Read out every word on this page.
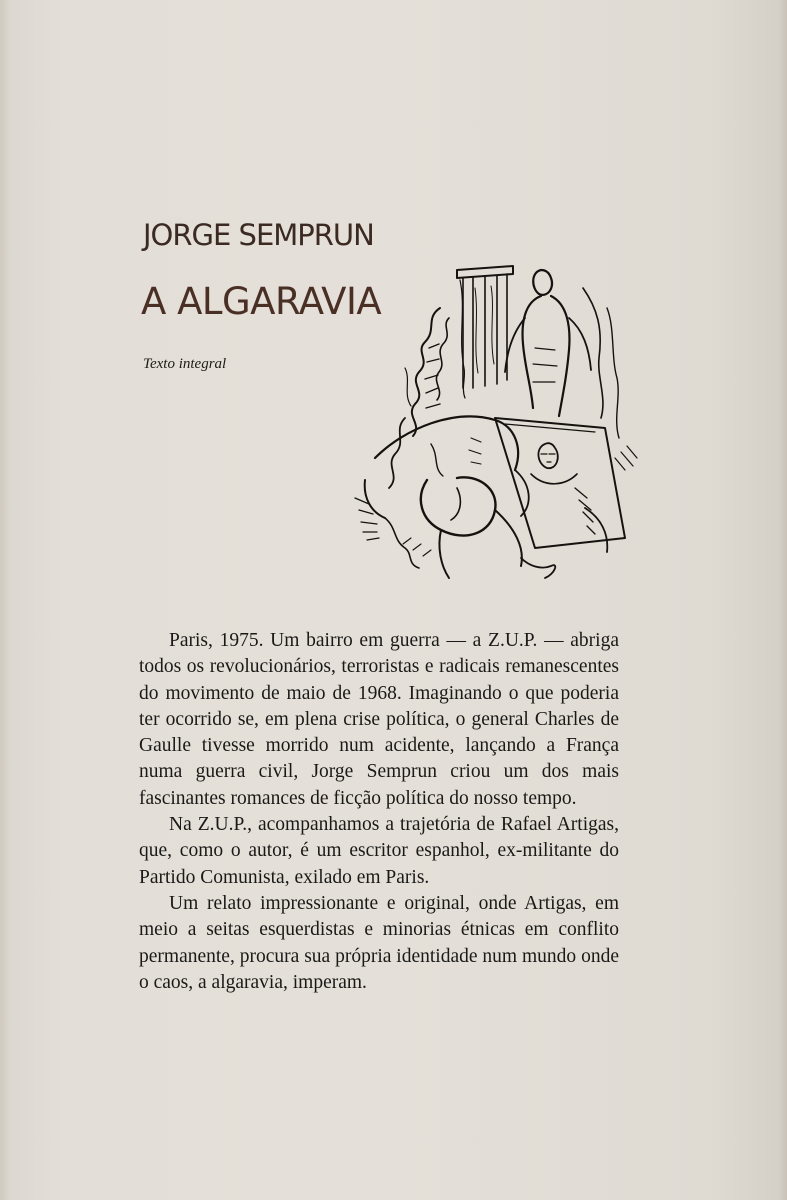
JORGE SEMPRUN
A ALGARAVIA
Texto integral

Paris, 1975. Um bairro em guerra — a Z.U.P. — abriga todos os revolucionários, terroristas e radicais remanescentes do movimento de maio de 1968. Imaginando o que poderia ter ocorrido se, em plena crise política, o general Charles de Gaulle tivesse morrido num acidente, lançando a França numa guerra civil, Jorge Semprun criou um dos mais fascinantes romances de ficção política do nosso tempo.

Na Z.U.P., acompanhamos a trajetória de Rafael Artigas, que, como o autor, é um escritor espanhol, ex-militante do Partido Comunista, exilado em Paris.

Um relato impressionante e original, onde Artigas, em meio a seitas esquerdistas e minorias étnicas em conflito permanente, procura sua própria identidade num mundo onde o caos, a algaravia, imperam.
